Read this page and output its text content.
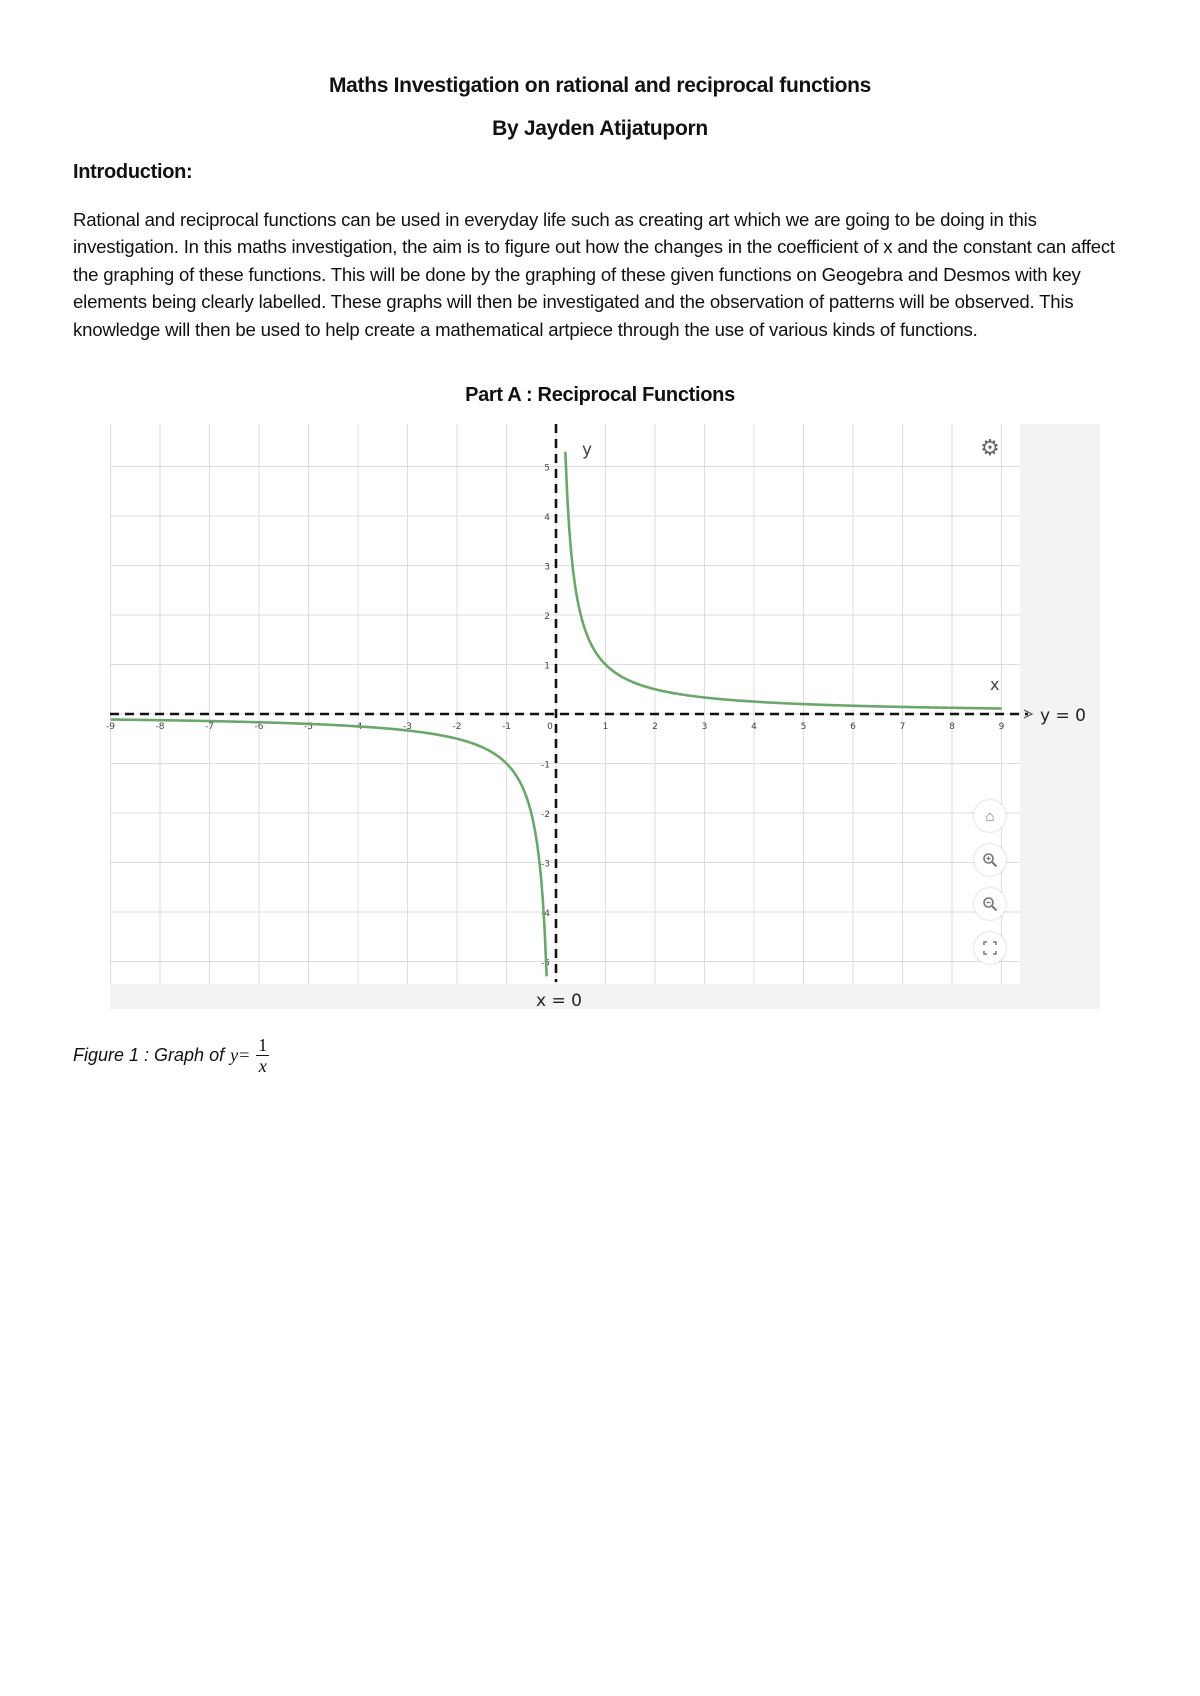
Maths Investigation on rational and reciprocal functions
By Jayden Atijatuporn
Introduction:

Rational and reciprocal functions can be used in everyday life such as creating art which we are going to be doing in this investigation. In this maths investigation, the aim is to figure out how the changes in the coefficient of x and the constant can affect the graphing of these functions. This will be done by the graphing of these given functions on Geogebra and Desmos with key elements being clearly labelled. These graphs will then be investigated and the observation of patterns will be observed. This knowledge will then be used to help create a mathematical artpiece through the use of various kinds of functions.

Part A : Reciprocal Functions
-9	-8	-7	-6	-5	-4	-3	-2	-1	0	1	2	3	4	5	6	7	8	9
5
4
3
2
1
-1
-2
-3
-4
-5
y
x
y = 0
x = 0
⚙
⌂
Figure 1 : Graph of $y= \frac{1}{x}$
